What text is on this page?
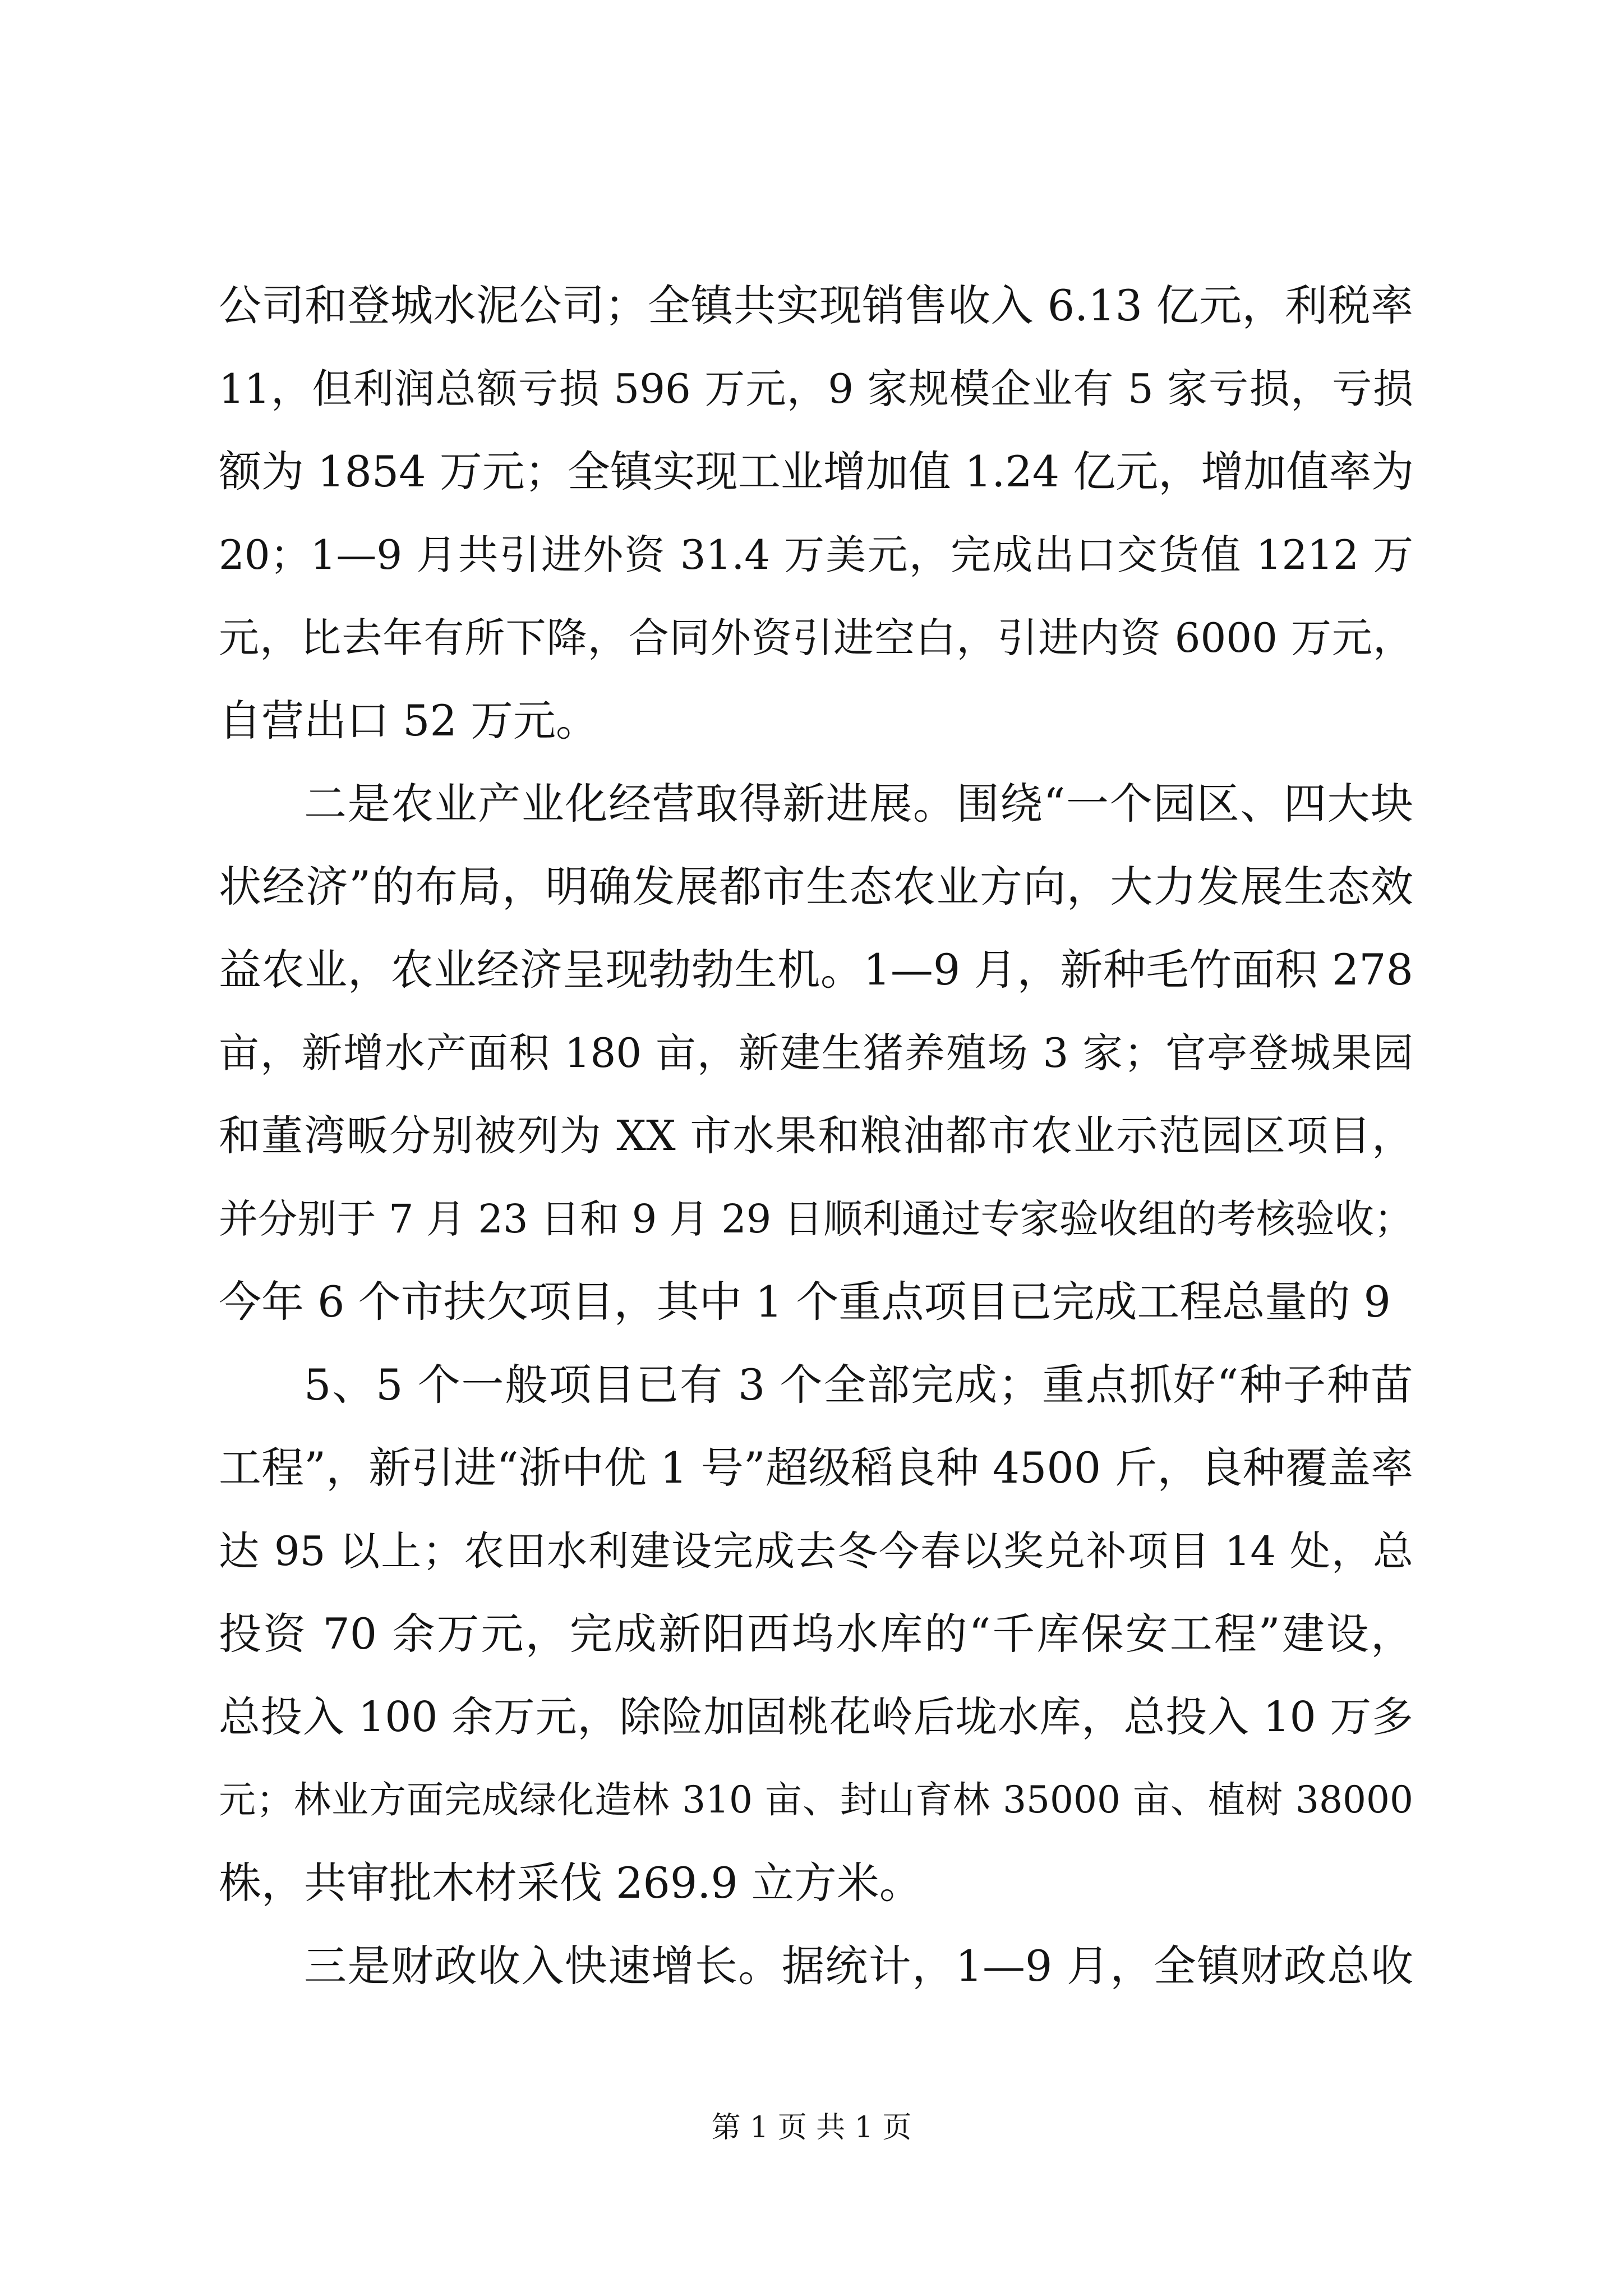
公司和登城水泥公司；全镇共实现销售收入 6.13 亿元，利税率
11，但利润总额亏损 596 万元，9 家规模企业有 5 家亏损，亏损
额为 1854 万元；全镇实现工业增加值 1.24 亿元，增加值率为
20；1—9 月共引进外资 31.4 万美元，完成出口交货值 1212 万
元，比去年有所下降，合同外资引进空白，引进内资 6000 万元，
自营出口 52 万元。
二是农业产业化经营取得新进展。围绕“一个园区、四大块
状经济”的布局，明确发展都市生态农业方向，大力发展生态效
益农业，农业经济呈现勃勃生机。1—9 月，新种毛竹面积 278
亩，新增水产面积 180 亩，新建生猪养殖场 3 家；官亭登城果园
和董湾畈分别被列为 XX 市水果和粮油都市农业示范园区项目，
并分别于 7 月 23 日和 9 月 29 日顺利通过专家验收组的考核验收；
今年 6 个市扶欠项目，其中 1 个重点项目已完成工程总量的 9
5、5 个一般项目已有 3 个全部完成；重点抓好“种子种苗
工程”，新引进“浙中优 1 号”超级稻良种 4500 斤，良种覆盖率
达 95 以上；农田水利建设完成去冬今春以奖兑补项目 14 处，总
投资 70 余万元，完成新阳西坞水库的“千库保安工程”建设，
总投入 100 余万元，除险加固桃花岭后垅水库，总投入 10 万多
元；林业方面完成绿化造林 310 亩、封山育林 35000 亩、植树 38000
株，共审批木材采伐 269.9 立方米。
三是财政收入快速增长。据统计，1—9 月，全镇财政总收
第 1 页 共 1 页
